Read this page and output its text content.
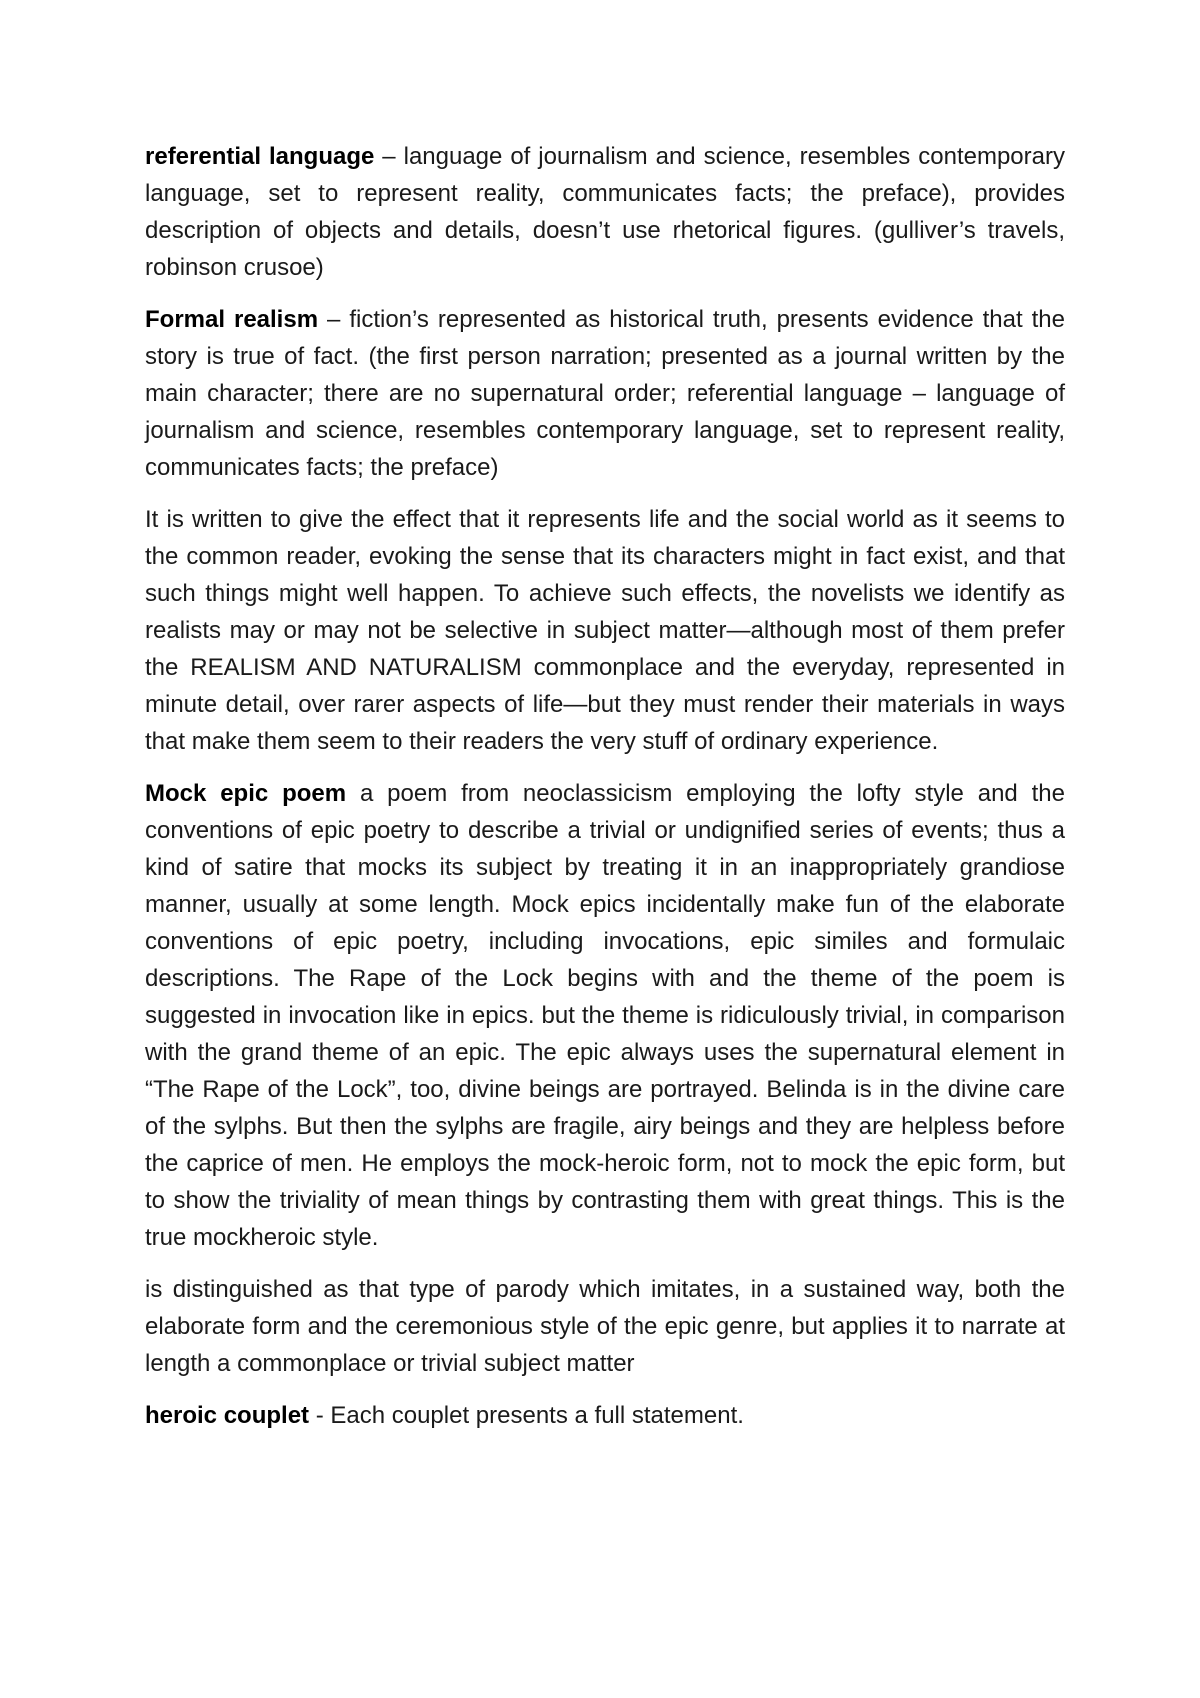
referential language – language of journalism and science, resembles contemporary language, set to represent reality, communicates facts; the preface), provides description of objects and details, doesn’t use rhetorical figures. (gulliver’s travels, robinson crusoe)

Formal realism – fiction’s represented as historical truth, presents evidence that the story is true of fact. (the first person narration; presented as a journal written by the main character; there are no supernatural order; referential language – language of journalism and science, resembles contemporary language, set to represent reality, communicates facts; the preface)

It is written to give the effect that it represents life and the social world as it seems to the common reader, evoking the sense that its characters might in fact exist, and that such things might well happen. To achieve such effects, the novelists we identify as realists may or may not be selective in subject matter—although most of them prefer the REALISM AND NATURALISM commonplace and the everyday, represented in minute detail, over rarer aspects of life—but they must render their materials in ways that make them seem to their readers the very stuff of ordinary experience.

Mock epic poem a poem from neoclassicism employing the lofty style and the conventions of epic poetry to describe a trivial or undignified series of events; thus a kind of satire that mocks its subject by treating it in an inappropriately grandiose manner, usually at some length. Mock epics incidentally make fun of the elaborate conventions of epic poetry, including invocations, epic similes and formulaic descriptions. The Rape of the Lock begins with and the theme of the poem is suggested in invocation like in epics. but the theme is ridiculously trivial, in comparison with the grand theme of an epic. The epic always uses the supernatural element in “The Rape of the Lock”, too, divine beings are portrayed. Belinda is in the divine care of the sylphs. But then the sylphs are fragile, airy beings and they are helpless before the caprice of men. He employs the mock-heroic form, not to mock the epic form, but to show the triviality of mean things by contrasting them with great things. This is the true mockheroic style.

is distinguished as that type of parody which imitates, in a sustained way, both the elaborate form and the ceremonious style of the epic genre, but applies it to narrate at length a commonplace or trivial subject matter

heroic couplet - Each couplet presents a full statement.
